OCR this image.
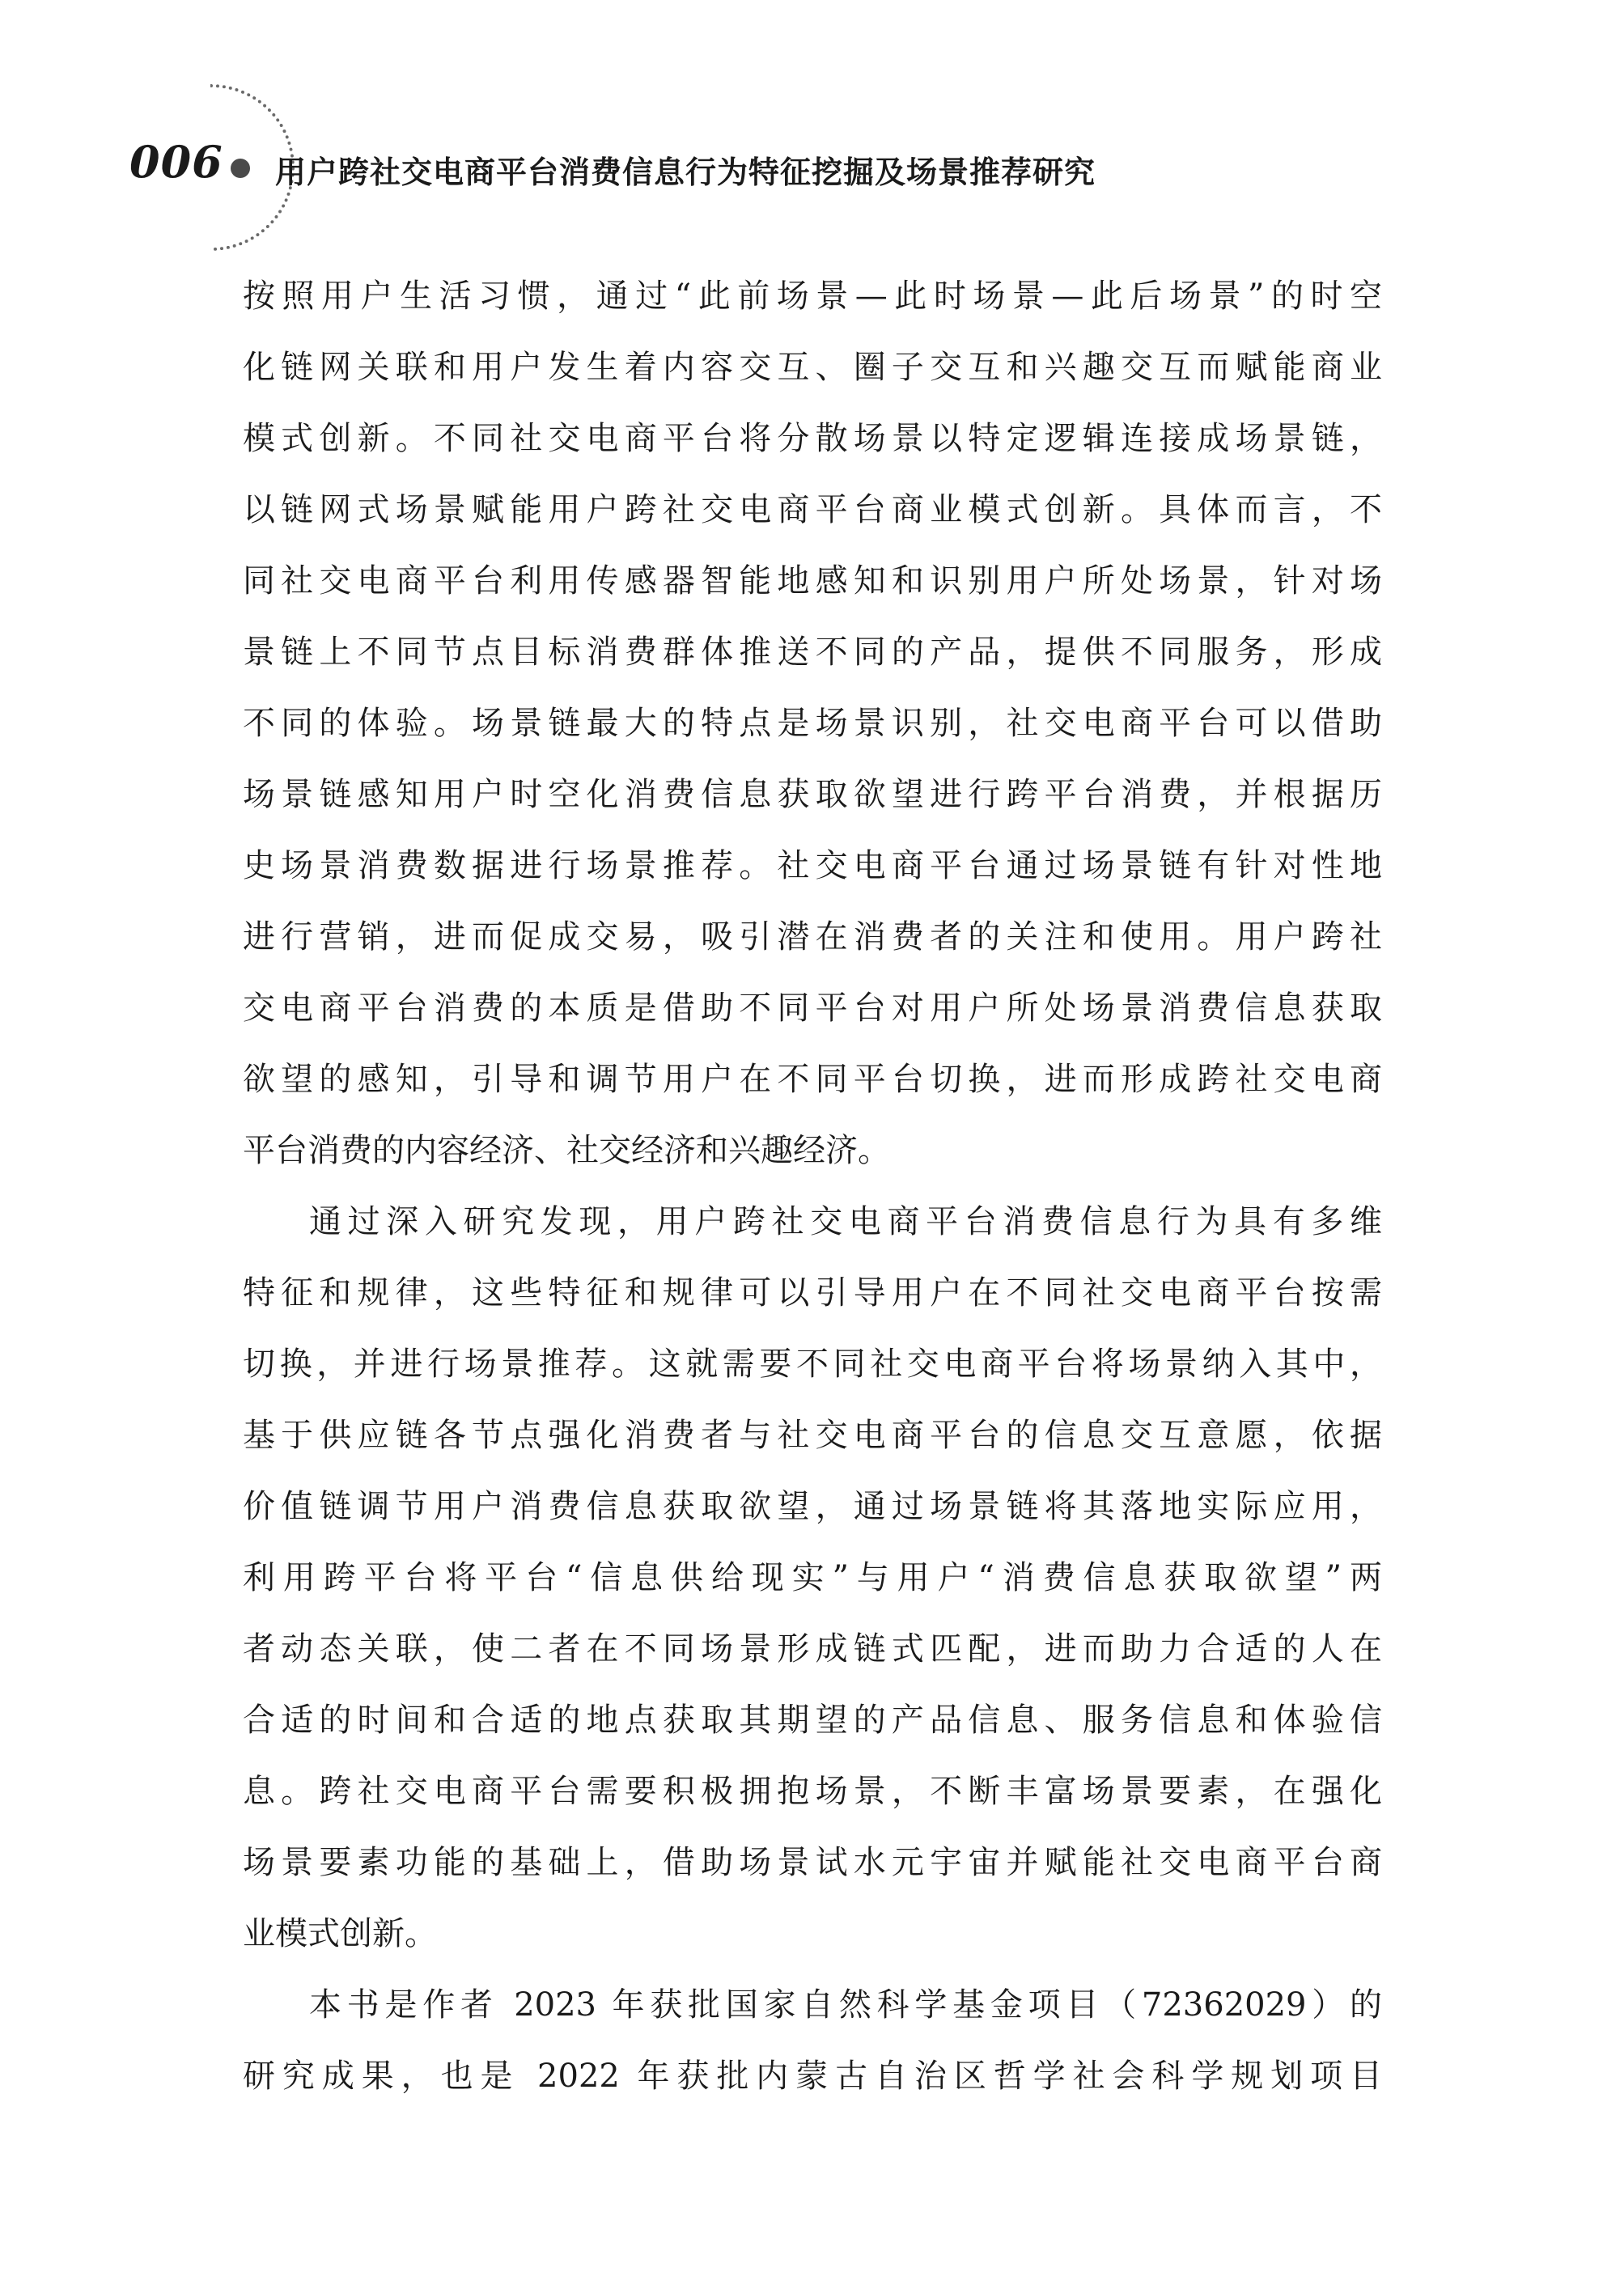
006 用户跨社交电商平台消费信息行为特征挖掘及场景推荐研究
按照用户生活习惯，通过“此前场景—此时场景—此后场景”的时空
化链网关联和用户发生着内容交互、圈子交互和兴趣交互而赋能商业
模式创新。不同社交电商平台将分散场景以特定逻辑连接成场景链，
以链网式场景赋能用户跨社交电商平台商业模式创新。具体而言，不
同社交电商平台利用传感器智能地感知和识别用户所处场景，针对场
景链上不同节点目标消费群体推送不同的产品，提供不同服务，形成
不同的体验。场景链最大的特点是场景识别，社交电商平台可以借助
场景链感知用户时空化消费信息获取欲望进行跨平台消费，并根据历
史场景消费数据进行场景推荐。社交电商平台通过场景链有针对性地
进行营销，进而促成交易，吸引潜在消费者的关注和使用。用户跨社
交电商平台消费的本质是借助不同平台对用户所处场景消费信息获取
欲望的感知，引导和调节用户在不同平台切换，进而形成跨社交电商
平台消费的内容经济、社交经济和兴趣经济。
通过深入研究发现，用户跨社交电商平台消费信息行为具有多维
特征和规律，这些特征和规律可以引导用户在不同社交电商平台按需
切换，并进行场景推荐。这就需要不同社交电商平台将场景纳入其中，
基于供应链各节点强化消费者与社交电商平台的信息交互意愿，依据
价值链调节用户消费信息获取欲望，通过场景链将其落地实际应用，
利用跨平台将平台“信息供给现实”与用户“消费信息获取欲望”两
者动态关联，使二者在不同场景形成链式匹配，进而助力合适的人在
合适的时间和合适的地点获取其期望的产品信息、服务信息和体验信
息。跨社交电商平台需要积极拥抱场景，不断丰富场景要素，在强化
场景要素功能的基础上，借助场景试水元宇宙并赋能社交电商平台商
业模式创新。
本书是作者 2023 年获批国家自然科学基金项目（72362029）的
研究成果，也是 2022 年获批内蒙古自治区哲学社会科学规划项目
